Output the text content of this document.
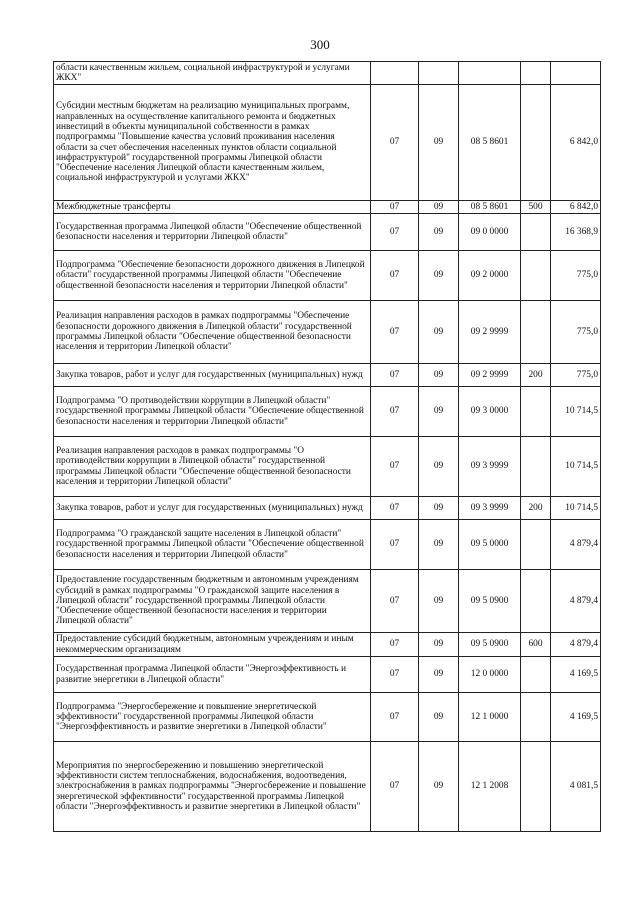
300
области качественным жильем, социальной инфраструктурой и услугами ЖКХ"					
Субсидии местным бюджетам на реализацию муниципальных программ, направленных на осуществление капитального ремонта и бюджетных инвестиций в объекты муниципальной собственности в рамках подпрограммы "Повышение качества условий проживания населения области за счет обеспечения населенных пунктов области социальной инфраструктурой" государственной программы Липецкой области "Обеспечение населения Липецкой области качественным жильем, социальной инфраструктурой и услугами ЖКХ"	07	09	08 5 8601		6 842,0
Межбюджетные трансферты	07	09	08 5 8601	500	6 842,0
Государственная программа Липецкой области "Обеспечение общественной безопасности населения и территории Липецкой области"	07	09	09 0 0000		16 368,9
Подпрограмма "Обеспечение безопасности дорожного движения в Липецкой области" государственной программы Липецкой области "Обеспечение общественной безопасности населения и территории Липецкой области"	07	09	09 2 0000		775,0
Реализация направления расходов в рамках подпрограммы "Обеспечение безопасности дорожного движения в Липецкой области" государственной программы Липецкой области "Обеспечение общественной безопасности населения и территории Липецкой области"	07	09	09 2 9999		775,0
Закупка товаров, работ и услуг для государственных (муниципальных) нужд	07	09	09 2 9999	200	775,0
Подпрограмма "О противодействии коррупции в Липецкой области" государственной программы Липецкой области "Обеспечение общественной безопасности населения и территории Липецкой области"	07	09	09 3 0000		10 714,5
Реализация направления расходов в рамках подпрограммы "О противодействии коррупции в Липецкой области" государственной программы Липецкой области "Обеспечение общественной безопасности населения и территории Липецкой области"	07	09	09 3 9999		10 714,5
Закупка товаров, работ и услуг для государственных (муниципальных) нужд	07	09	09 3 9999	200	10 714,5
Подпрограмма "О гражданской защите населения в Липецкой области" государственной программы Липецкой области "Обеспечение общественной безопасности населения и территории Липецкой области"	07	09	09 5 0000		4 879,4
Предоставление государственным бюджетным и автономным учреждениям субсидий в рамках подпрограммы "О гражданской защите населения в Липецкой области" государственной программы Липецкой области "Обеспечение общественной безопасности населения и территории Липецкой области"	07	09	09 5 0900		4 879,4
Предоставление субсидий бюджетным, автономным учреждениям и иным некоммерческим организациям	07	09	09 5 0900	600	4 879,4
Государственная программа Липецкой области "Энергоэффективность и развитие энергетики в Липецкой области"	07	09	12 0 0000		4 169,5
Подпрограмма "Энергосбережение и повышение энергетической эффективности" государственной программы Липецкой области "Энергоэффективность и развитие энергетики в Липецкой области"	07	09	12 1 0000		4 169,5
Мероприятия по энергосбережению и повышению энергетической эффективности систем теплоснабжения, водоснабжения, водоотведения, электроснабжения в рамках подпрограммы "Энергосбережение и повышение энергетической эффективности" государственной программы Липецкой области "Энергоэффективность и развитие энергетики в Липецкой области"	07	09	12 1 2008		4 081,5
